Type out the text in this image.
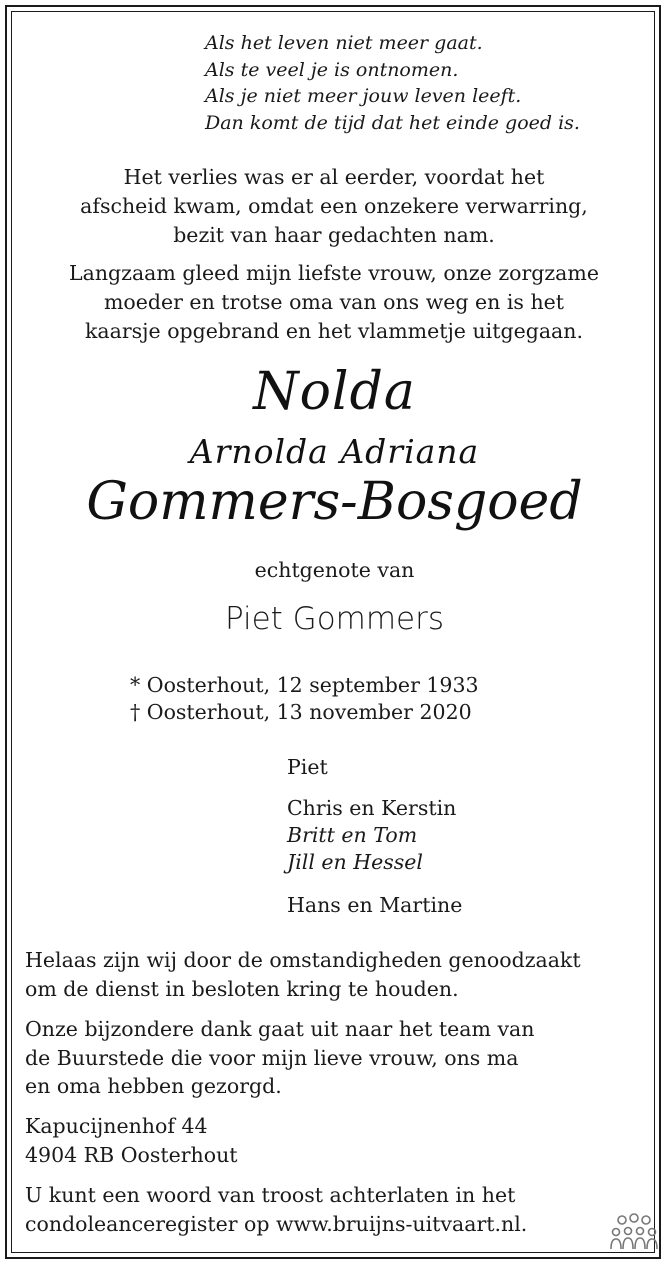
Als het leven niet meer gaat.
Als te veel je is ontnomen.
Als je niet meer jouw leven leeft.
Dan komt de tijd dat het einde goed is.
Het verlies was er al eerder, voordat het
afscheid kwam, omdat een onzekere verwarring,
bezit van haar gedachten nam.
Langzaam gleed mijn liefste vrouw, onze zorgzame
moeder en trotse oma van ons weg en is het
kaarsje opgebrand en het vlammetje uitgegaan.
Nolda
Arnolda Adriana
Gommers-Bosgoed
echtgenote van
Piet Gommers
* Oosterhout, 12 september 1933
† Oosterhout, 13 november 2020
Piet
Chris en Kerstin
Britt en Tom
Jill en Hessel
Hans en Martine
Helaas zijn wij door de omstandigheden genoodzaakt
om de dienst in besloten kring te houden.
Onze bijzondere dank gaat uit naar het team van
de Buurstede die voor mijn lieve vrouw, ons ma
en oma hebben gezorgd.
Kapucijnenhof 44
4904 RB Oosterhout
U kunt een woord van troost achterlaten in het
condoleanceregister op www.bruijns-uitvaart.nl.
